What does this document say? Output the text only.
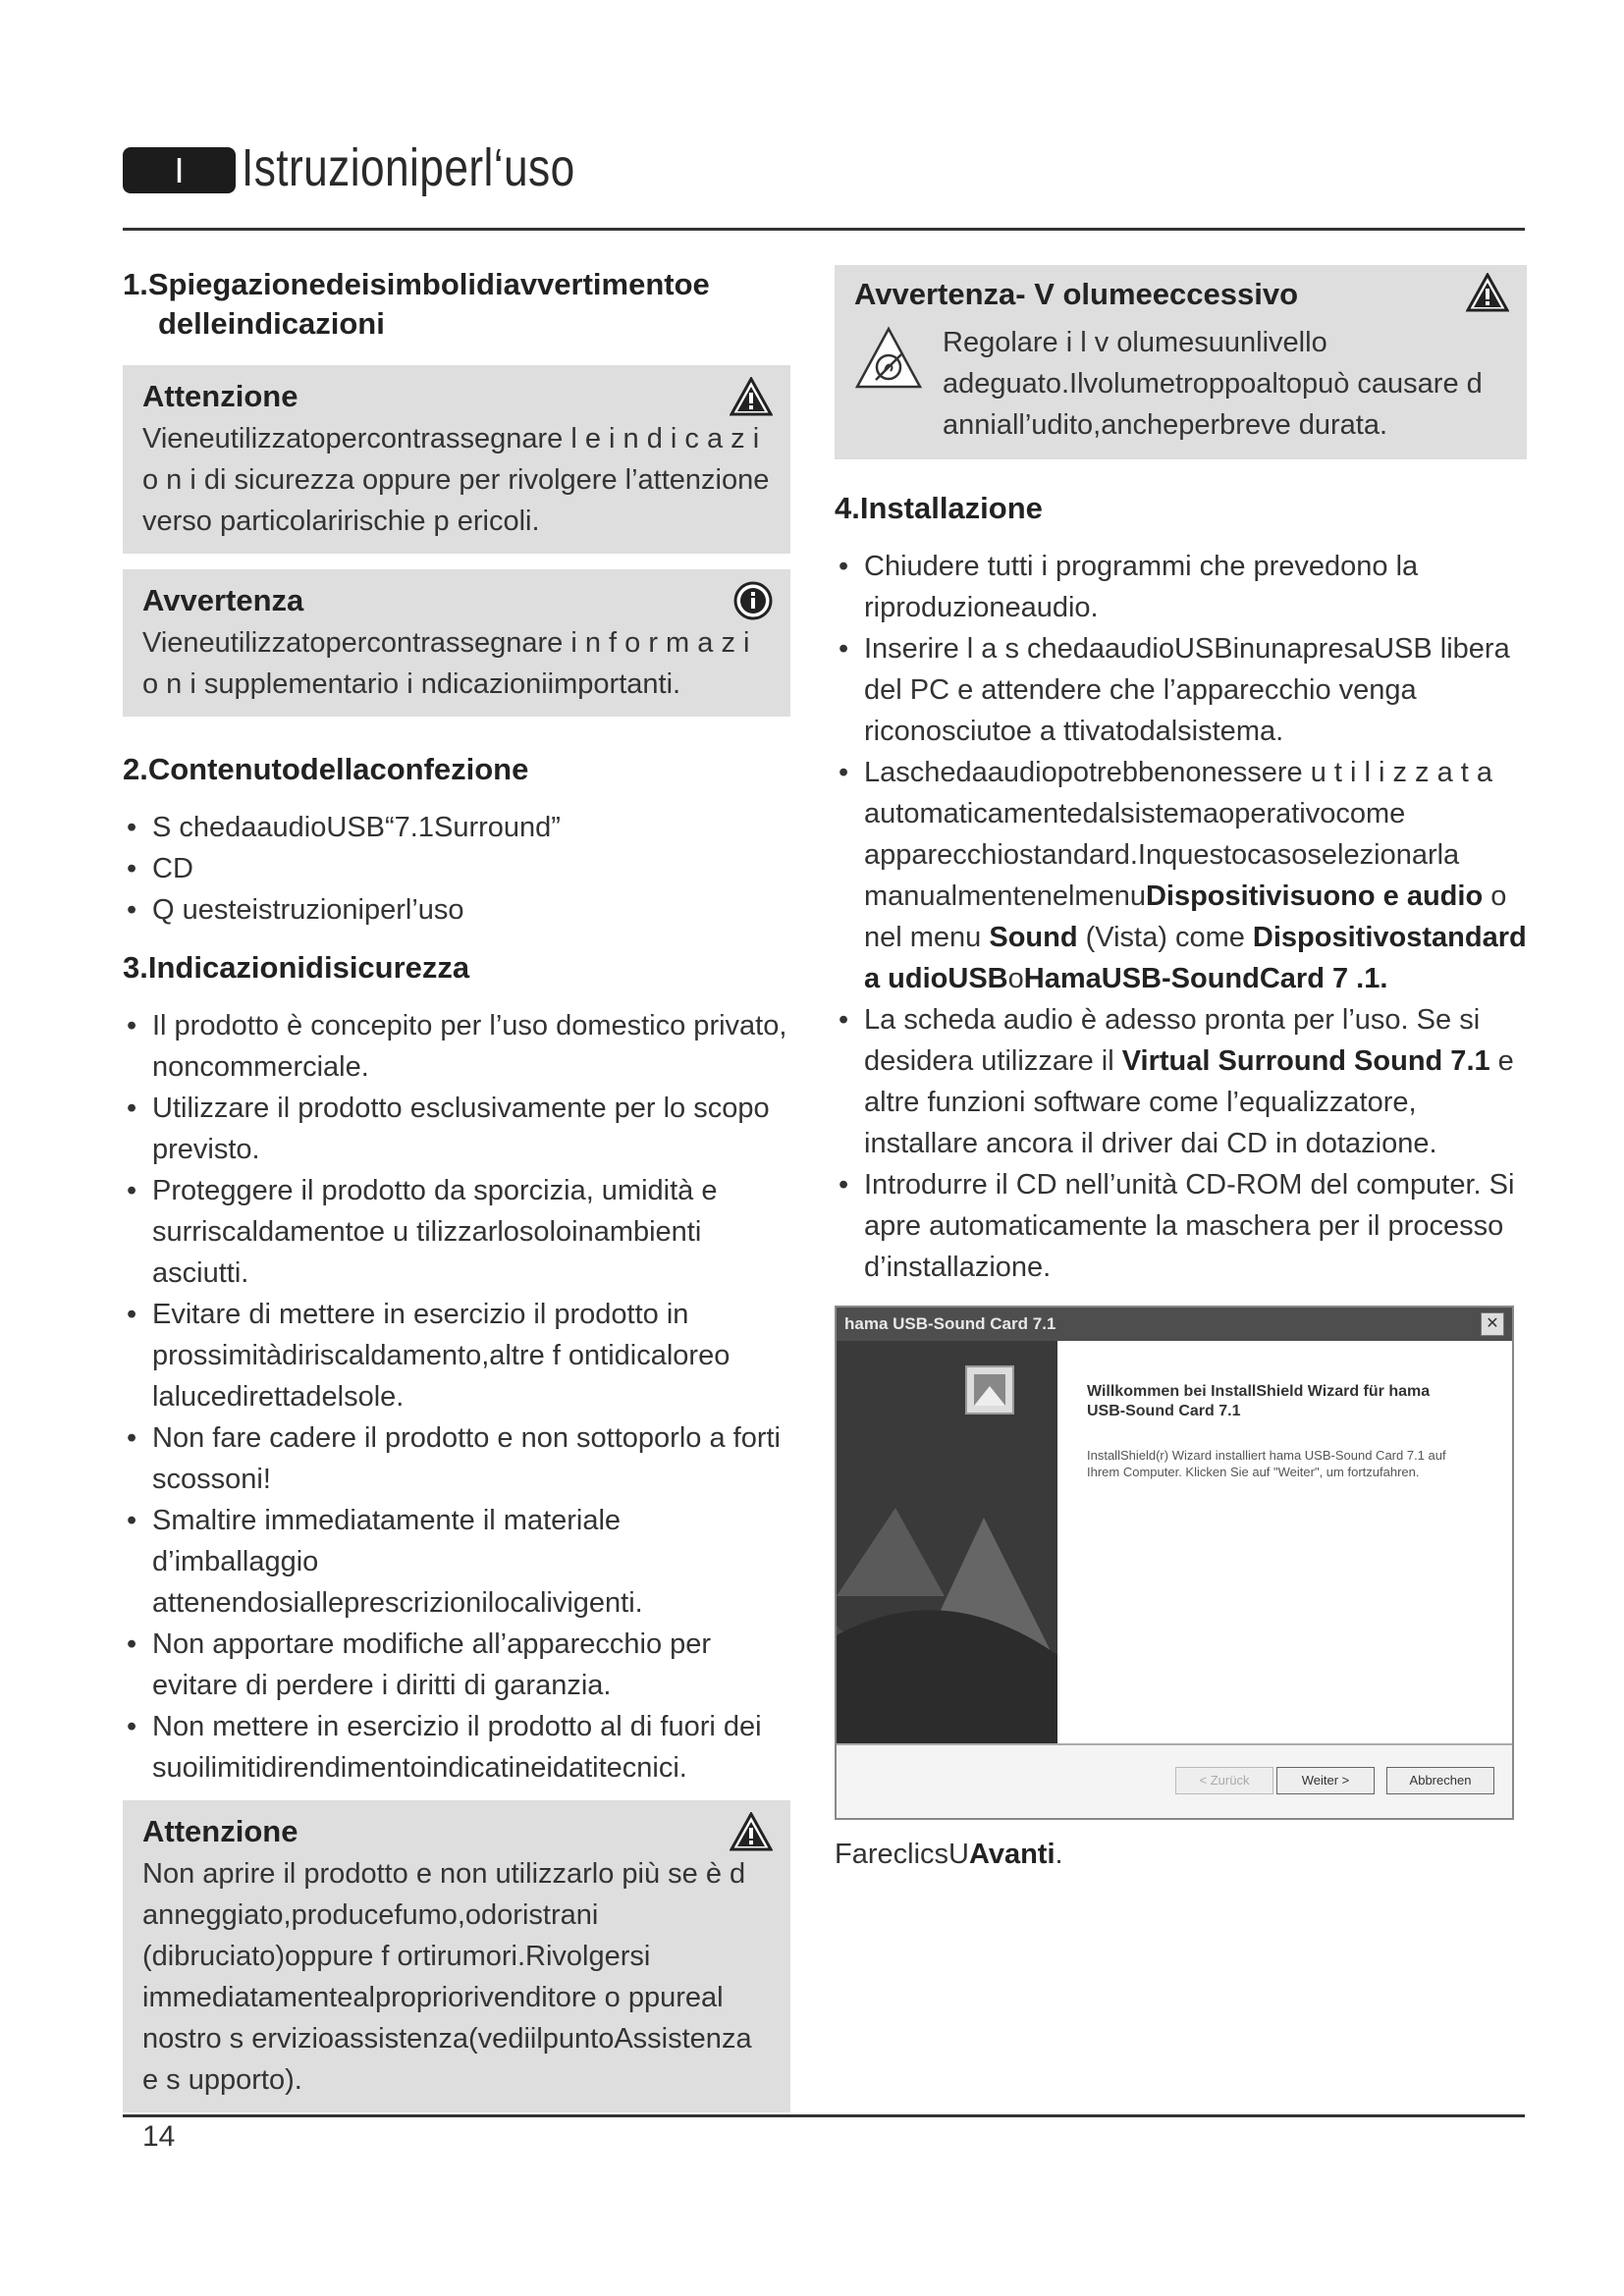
I	Istruzioniperl‘uso
1.Spiegazionedeisimbolidiavvertimentoe
delleindicazioni
Attenzione
Vieneutilizzatopercontrassegnare l e i n d i c a z i o n i di sicurezza oppure per rivolgere l’attenzione verso particolaririschie p ericoli.
Avvertenza
Vieneutilizzatopercontrassegnare i n f o r m a z i o n i supplementario i ndicazioniimportanti.
2.Contenutodellaconfezione
• S chedaaudioUSB“7.1Surround”
• CD
• Q uesteistruzioniperl’uso
3.Indicazionidisicurezza
• Il prodotto è concepito per l’uso domestico privato, noncommerciale.
• Utilizzare il prodotto esclusivamente per lo scopo previsto.
• Proteggere il prodotto da sporcizia, umidità e surriscaldamentoe u tilizzarlosoloinambienti asciutti.
• Evitare di mettere in esercizio il prodotto in prossimitàdiriscaldamento,altre f ontidicaloreo lalucedirettadelsole.
• Non fare cadere il prodotto e non sottoporlo a forti scossoni!
• Smaltire immediatamente il materiale d’imballaggio attenendosialleprescrizionilocalivigenti.
• Non apportare modifiche all’apparecchio per evitare di perdere i diritti di garanzia.
• Non mettere in esercizio il prodotto al di fuori dei suoilimitidirendimentoindicatineidatitecnici.
Attenzione
Non aprire il prodotto e non utilizzarlo più se è d anneggiato,producefumo,odoristrani (dibruciato)oppure f ortirumori.Rivolgersi immediatamentealpropriorivenditore o ppureal nostro s ervizioassistenza(vediilpuntoAssistenza e s upporto).
Avvertenza- V olumeeccessivo
Regolare i l v olumesuunlivello adeguato.Ilvolumetroppoaltopuò causare d anniall’udito,ancheperbreve durata.
4.Installazione
• Chiudere tutti i programmi che prevedono la riproduzioneaudio.
• Inserire l a s chedaaudioUSBinunapresaUSB libera del PC e attendere che l’apparecchio venga riconosciutoe a ttivatodalsistema.
• Laschedaaudiopotrebbenonessere u t i l i z z a t a automaticamentedalsistemaoperativocome apparecchiostandard.Inquestocasoselezionarla manualmentenelmenuDispositivisuono e audio o nel menu Sound (Vista) come Dispositivostandard a udioUSBoHamaUSB-SoundCard 7 .1.
• La scheda audio è adesso pronta per l’uso. Se si desidera utilizzare il Virtual Surround Sound 7.1 e altre funzioni software come l’equalizzatore, installare ancora il driver dai CD in dotazione.
• Introdurre il CD nell’unità CD-ROM del computer. Si apre automaticamente la maschera per il processo d’installazione.
hama USB-Sound Card 7.1	✕
Willkommen bei InstallShield Wizard für hama USB-Sound Card 7.1
InstallShield(r) Wizard installiert hama USB-Sound Card 7.1 auf Ihrem Computer. Klicken Sie auf "Weiter", um fortzufahren.
< Zurück	Weiter >	Abbrechen
FareclicsUAvanti.
14
